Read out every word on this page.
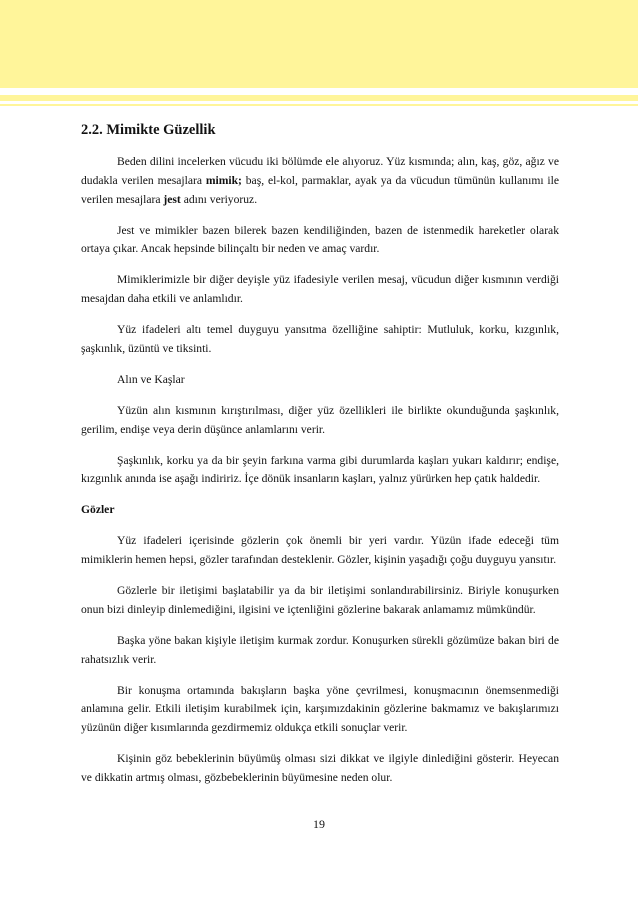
2.2. Mimikte Güzellik

Beden dilini incelerken vücudu iki bölümde ele alıyoruz. Yüz kısmında; alın, kaş, göz, ağız ve dudakla verilen mesajlara mimik; baş, el-kol, parmaklar, ayak ya da vücudun tümünün kullanımı ile verilen mesajlara jest adını veriyoruz.

Jest ve mimikler bazen bilerek bazen kendiliğinden, bazen de istenmedik hareketler olarak ortaya çıkar. Ancak hepsinde bilinçaltı bir neden ve amaç vardır.

Mimiklerimizle bir diğer deyişle yüz ifadesiyle verilen mesaj, vücudun diğer kısmının verdiği mesajdan daha etkili ve anlamlıdır.

Yüz ifadeleri altı temel duyguyu yansıtma özelliğine sahiptir: Mutluluk, korku, kızgınlık, şaşkınlık, üzüntü ve tiksinti.

Alın ve Kaşlar

Yüzün alın kısmının kırıştırılması, diğer yüz özellikleri ile birlikte okunduğunda şaşkınlık, gerilim, endişe veya derin düşünce anlamlarını verir.

Şaşkınlık, korku ya da bir şeyin farkına varma gibi durumlarda kaşları yukarı kaldırır; endişe, kızgınlık anında ise aşağı indiririz. İçe dönük insanların kaşları, yalnız yürürken hep çatık haldedir.

Gözler

Yüz ifadeleri içerisinde gözlerin çok önemli bir yeri vardır. Yüzün ifade edeceği tüm mimiklerin hemen hepsi, gözler tarafından desteklenir. Gözler, kişinin yaşadığı çoğu duyguyu yansıtır.

Gözlerle bir iletişimi başlatabilir ya da bir iletişimi sonlandırabilirsiniz. Biriyle konuşurken onun bizi dinleyip dinlemediğini, ilgisini ve içtenliğini gözlerine bakarak anlamamız mümkündür.

Başka yöne bakan kişiyle iletişim kurmak zordur. Konuşurken sürekli gözümüze bakan biri de rahatsızlık verir.

Bir konuşma ortamında bakışların başka yöne çevrilmesi, konuşmacının önemsenmediği anlamına gelir. Etkili iletişim kurabilmek için, karşımızdakinin gözlerine bakmamız ve bakışlarımızı yüzünün diğer kısımlarında gezdirmemiz oldukça etkili sonuçlar verir.

Kişinin göz bebeklerinin büyümüş olması sizi dikkat ve ilgiyle dinlediğini gösterir. Heyecan ve dikkatin artmış olması, gözbebeklerinin büyümesine neden olur.

19
